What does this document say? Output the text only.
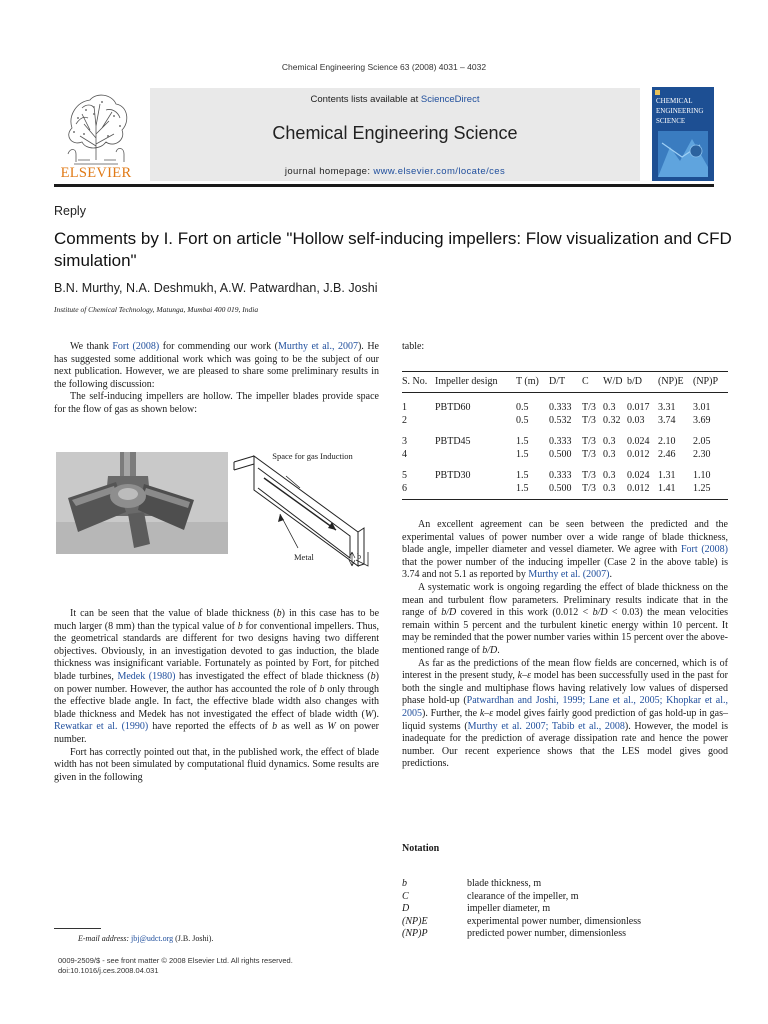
Chemical Engineering Science 63 (2008) 4031 – 4032
Contents lists available at ScienceDirect
Chemical Engineering Science
journal homepage: www.elsevier.com/locate/ces
ELSEVIER
CHEMICAL ENGINEERING SCIENCE
Reply
Comments by I. Fort on article "Hollow self-inducing impellers: Flow visualization and CFD simulation"
B.N. Murthy, N.A. Deshmukh, A.W. Patwardhan, J.B. Joshi
Institute of Chemical Technology, Matunga, Mumbai 400 019, India

We thank Fort (2008) for commending our work (Murthy et al., 2007). He has suggested some additional work which was going to be the subject of our next publication. However, we are pleased to share some preliminary results in the following discussion:

The self-inducing impellers are hollow. The impeller blades provide space for the flow of gas as shown below:

Space for gas Induction
Metal	b

It can be seen that the value of blade thickness (b) in this case has to be much larger (8 mm) than the typical value of b for conventional impellers. Thus, the geometrical standards are different for two designs having two different objectives. Obviously, in an investigation devoted to gas induction, the blade thickness was insignificant variable. Fortunately as pointed by Fort, for pitched blade turbines, Medek (1980) has investigated the effect of blade thickness (b) on power number. However, the author has accounted the role of b only through the effective blade angle. In fact, the effective blade width also changes with blade thickness and Medek has not investigated the effect of blade width (W). Rewatkar et al. (1990) have reported the effects of b as well as W on power number.

Fort has correctly pointed out that, in the published work, the effect of blade width has not been simulated by computational fluid dynamics. Some results are given in the following

table:
S. No.	Impeller design	T (m)	D/T	C	W/D	b/D	(NP)E	(NP)P
1	PBTD60	0.5	0.333	T/3	0.3	0.017	3.31	3.01
2		0.5	0.532	T/3	0.32	0.03	3.74	3.69
3	PBTD45	1.5	0.333	T/3	0.3	0.024	2.10	2.05
4		1.5	0.500	T/3	0.3	0.012	2.46	2.30
5	PBTD30	1.5	0.333	T/3	0.3	0.024	1.31	1.10
6		1.5	0.500	T/3	0.3	0.012	1.41	1.25

An excellent agreement can be seen between the predicted and the experimental values of power number over a wide range of blade thickness, blade angle, impeller diameter and vessel diameter. We agree with Fort (2008) that the power number of the inducing impeller (Case 2 in the above table) is 3.74 and not 5.1 as reported by Murthy et al. (2007).

A systematic work is ongoing regarding the effect of blade thickness on the mean and turbulent flow parameters. Preliminary results indicate that in the range of b/D covered in this work (0.012 < b/D < 0.03) the mean velocities remain within 5 percent and the turbulent kinetic energy within 10 percent. It may be reminded that the power number varies within 15 percent over the above-mentioned range of b/D.

As far as the predictions of the mean flow fields are concerned, which is of interest in the present study, k–ε model has been successfully used in the past for both the single and multiphase flows having relatively low values of dispersed phase hold-up (Patwardhan and Joshi, 1999; Lane et al., 2005; Khopkar et al., 2005). Further, the k–ε model gives fairly good prediction of gas hold-up in gas–liquid systems (Murthy et al. 2007; Tabib et al., 2008). However, the model is inadequate for the prediction of average dissipation rate and hence the power number. Our recent experience shows that the LES model gives good predictions.

Notation
b	blade thickness, m
C	clearance of the impeller, m
D	impeller diameter, m
(NP)E	experimental power number, dimensionless
(NP)P	predicted power number, dimensionless
E-mail address: jbj@udct.org (J.B. Joshi).
0009-2509/$ - see front matter © 2008 Elsevier Ltd. All rights reserved.
doi:10.1016/j.ces.2008.04.031
